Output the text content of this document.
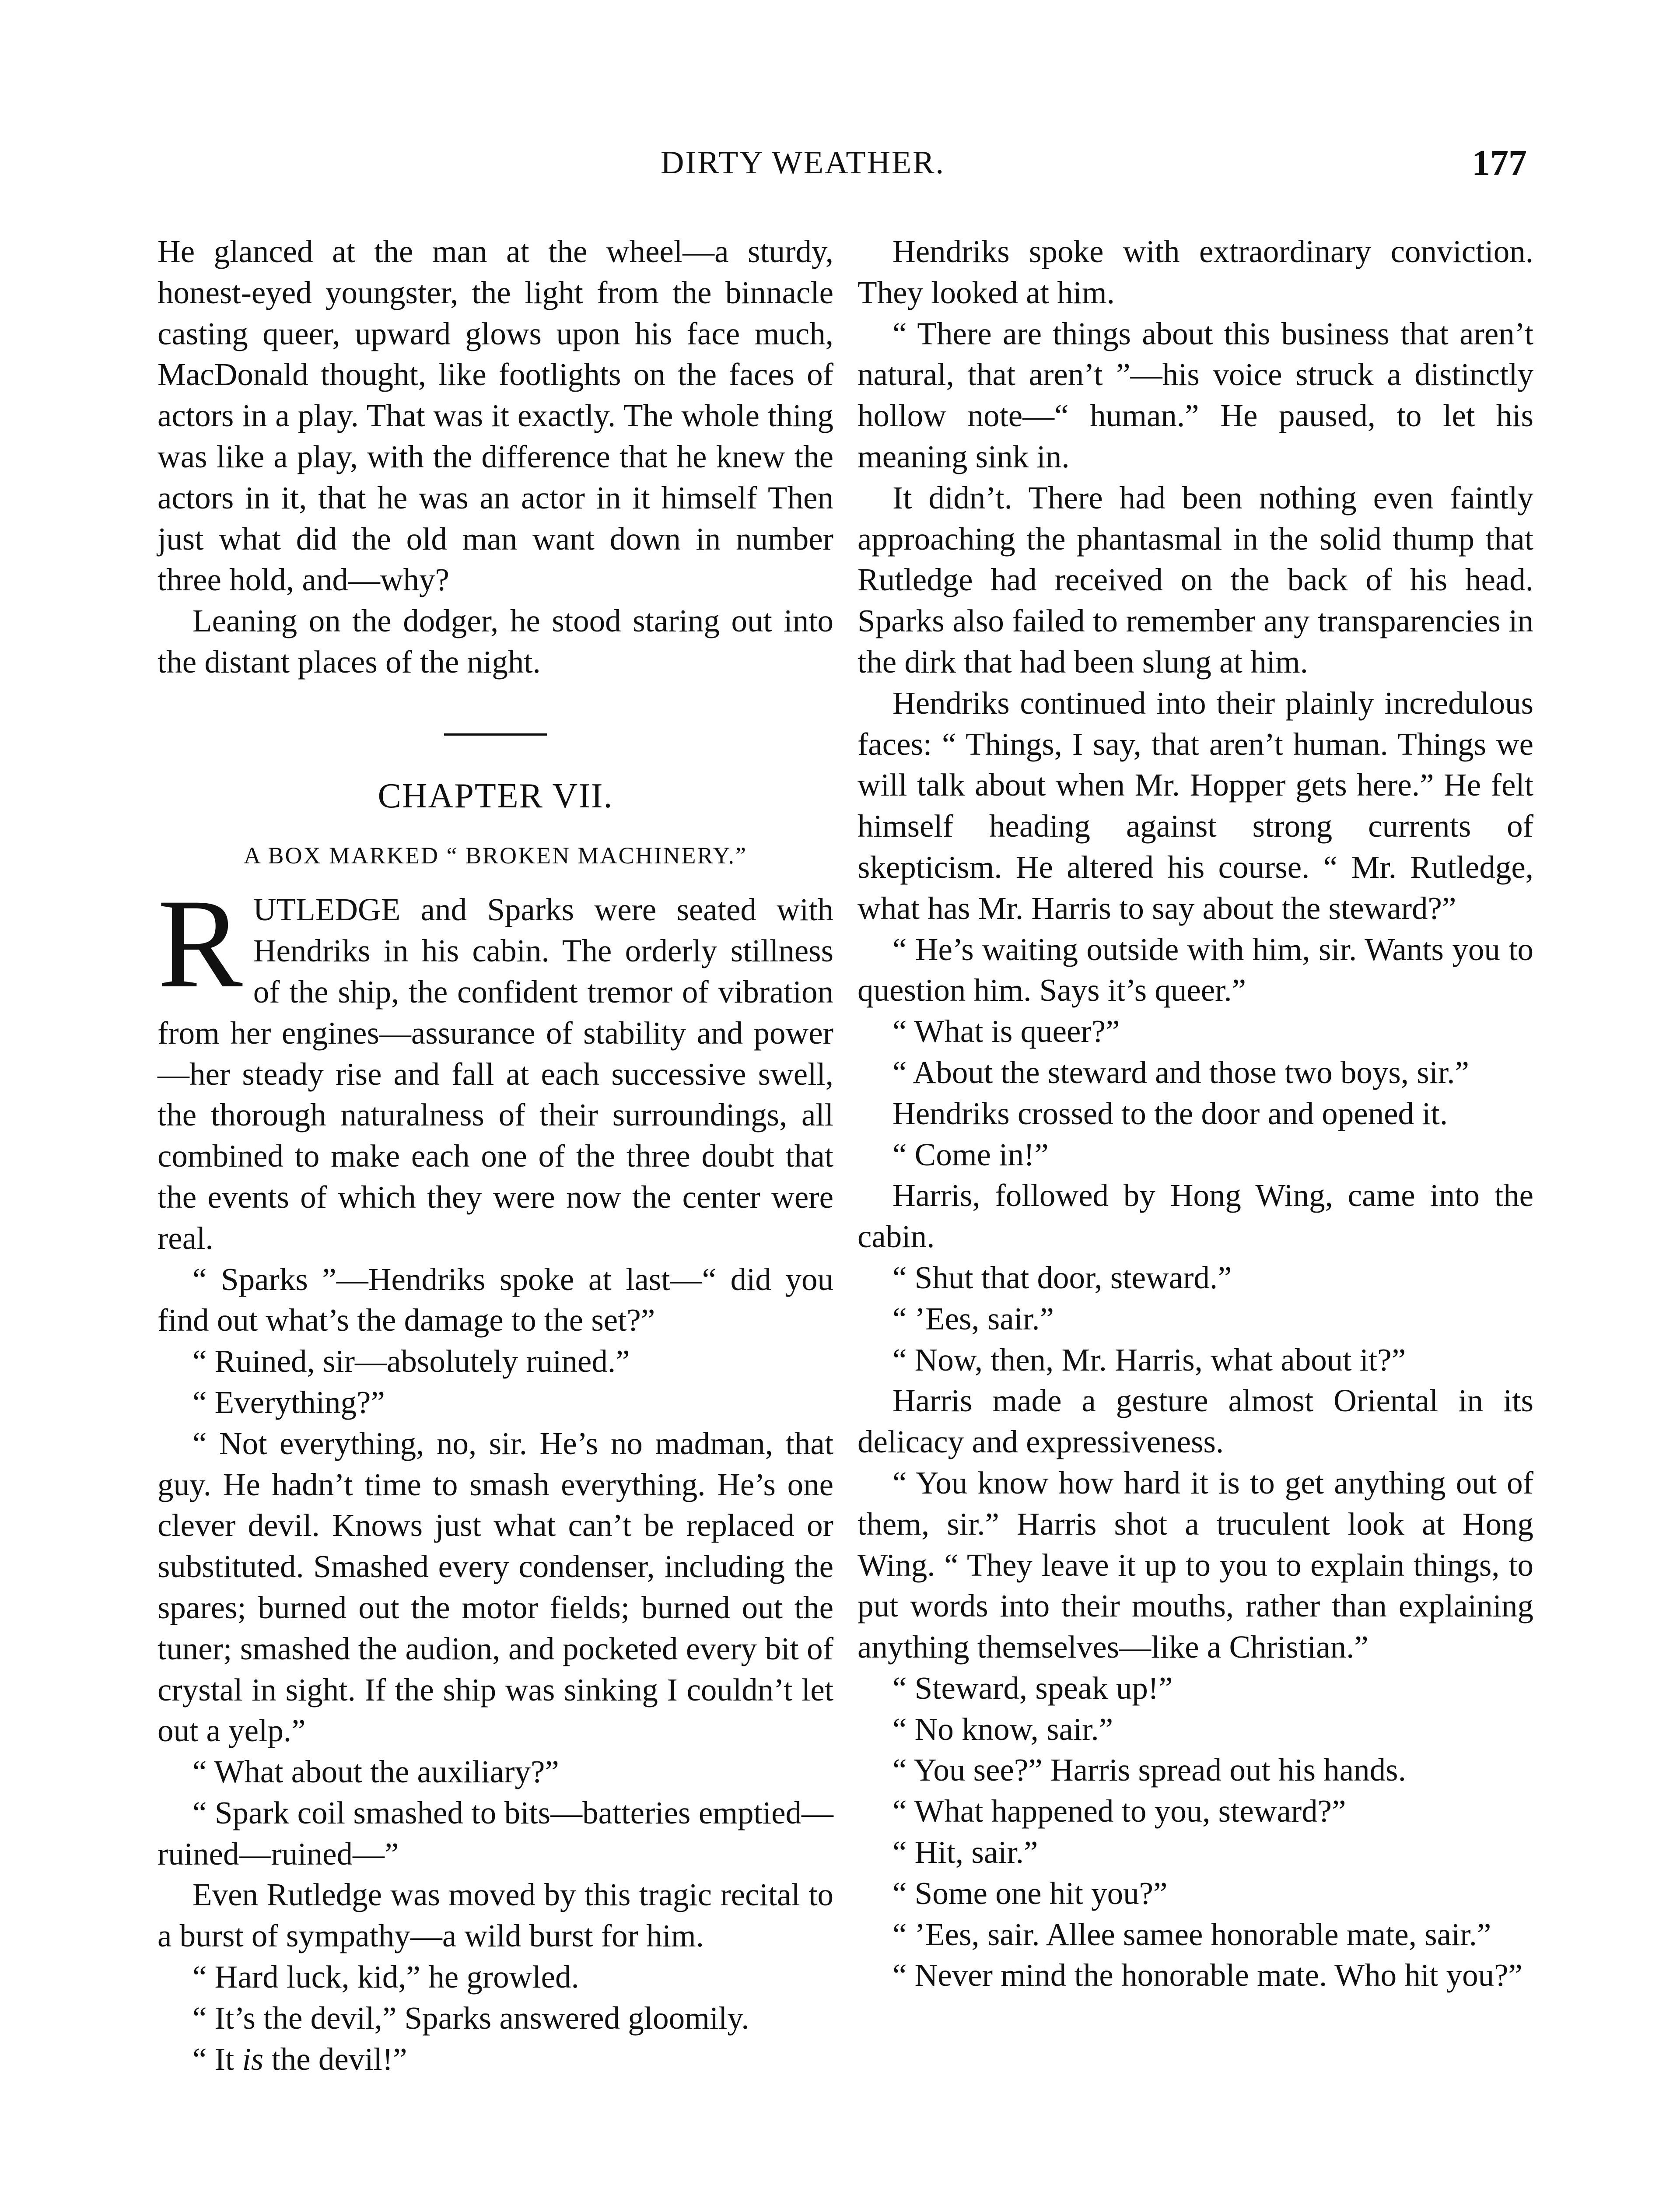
DIRTY WEATHER.	177

He glanced at the man at the wheel—a sturdy, honest-eyed youngster, the light from the binnacle casting queer, upward glows upon his face much, MacDonald thought, like footlights on the faces of actors in a play. That was it exactly. The whole thing was like a play, with the difference that he knew the actors in it, that he was an actor in it himself Then just what did the old man want down in number three hold, and—why?

Leaning on the dodger, he stood staring out into the distant places of the night.

CHAPTER VII.
A BOX MARKED “ BROKEN MACHINERY.”

RUTLEDGE and Sparks were seated with Hendriks in his cabin. The orderly stillness of the ship, the confident tremor of vibration from her engines—assurance of stability and power—her steady rise and fall at each successive swell, the thorough naturalness of their surroundings, all combined to make each one of the three doubt that the events of which they were now the center were real.

“ Sparks ”—Hendriks spoke at last—“ did you find out what’s the damage to the set?”

“ Ruined, sir—absolutely ruined.”

“ Everything?”

“ Not everything, no, sir. He’s no madman, that guy. He hadn’t time to smash everything. He’s one clever devil. Knows just what can’t be replaced or substituted. Smashed every condenser, including the spares; burned out the motor fields; burned out the tuner; smashed the audion, and pocketed every bit of crystal in sight. If the ship was sinking I couldn’t let out a yelp.”

“ What about the auxiliary?”

“ Spark coil smashed to bits—batteries emptied—ruined—ruined—”

Even Rutledge was moved by this tragic recital to a burst of sympathy—a wild burst for him.

“ Hard luck, kid,” he growled.

“ It’s the devil,” Sparks answered gloomily.

“ It is the devil!”

Hendriks spoke with extraordinary conviction. They looked at him.

“ There are things about this business that aren’t natural, that aren’t ”—his voice struck a distinctly hollow note—“ human.” He paused, to let his meaning sink in.

It didn’t. There had been nothing even faintly approaching the phantasmal in the solid thump that Rutledge had received on the back of his head. Sparks also failed to remember any transparencies in the dirk that had been slung at him.

Hendriks continued into their plainly incredulous faces: “ Things, I say, that aren’t human. Things we will talk about when Mr. Hopper gets here.” He felt himself heading against strong currents of skepticism. He altered his course. “ Mr. Rutledge, what has Mr. Harris to say about the steward?”

“ He’s waiting outside with him, sir. Wants you to question him. Says it’s queer.”

“ What is queer?”

“ About the steward and those two boys, sir.”

Hendriks crossed to the door and opened it.

“ Come in!”

Harris, followed by Hong Wing, came into the cabin.

“ Shut that door, steward.”

“ ’Ees, sair.”

“ Now, then, Mr. Harris, what about it?”

Harris made a gesture almost Oriental in its delicacy and expressiveness.

“ You know how hard it is to get anything out of them, sir.” Harris shot a truculent look at Hong Wing. “ They leave it up to you to explain things, to put words into their mouths, rather than explaining anything themselves—like a Christian.”

“ Steward, speak up!”

“ No know, sair.”

“ You see?” Harris spread out his hands.

“ What happened to you, steward?”

“ Hit, sair.”

“ Some one hit you?”

“ ’Ees, sair. Allee samee honorable mate, sair.”

“ Never mind the honorable mate. Who hit you?”
